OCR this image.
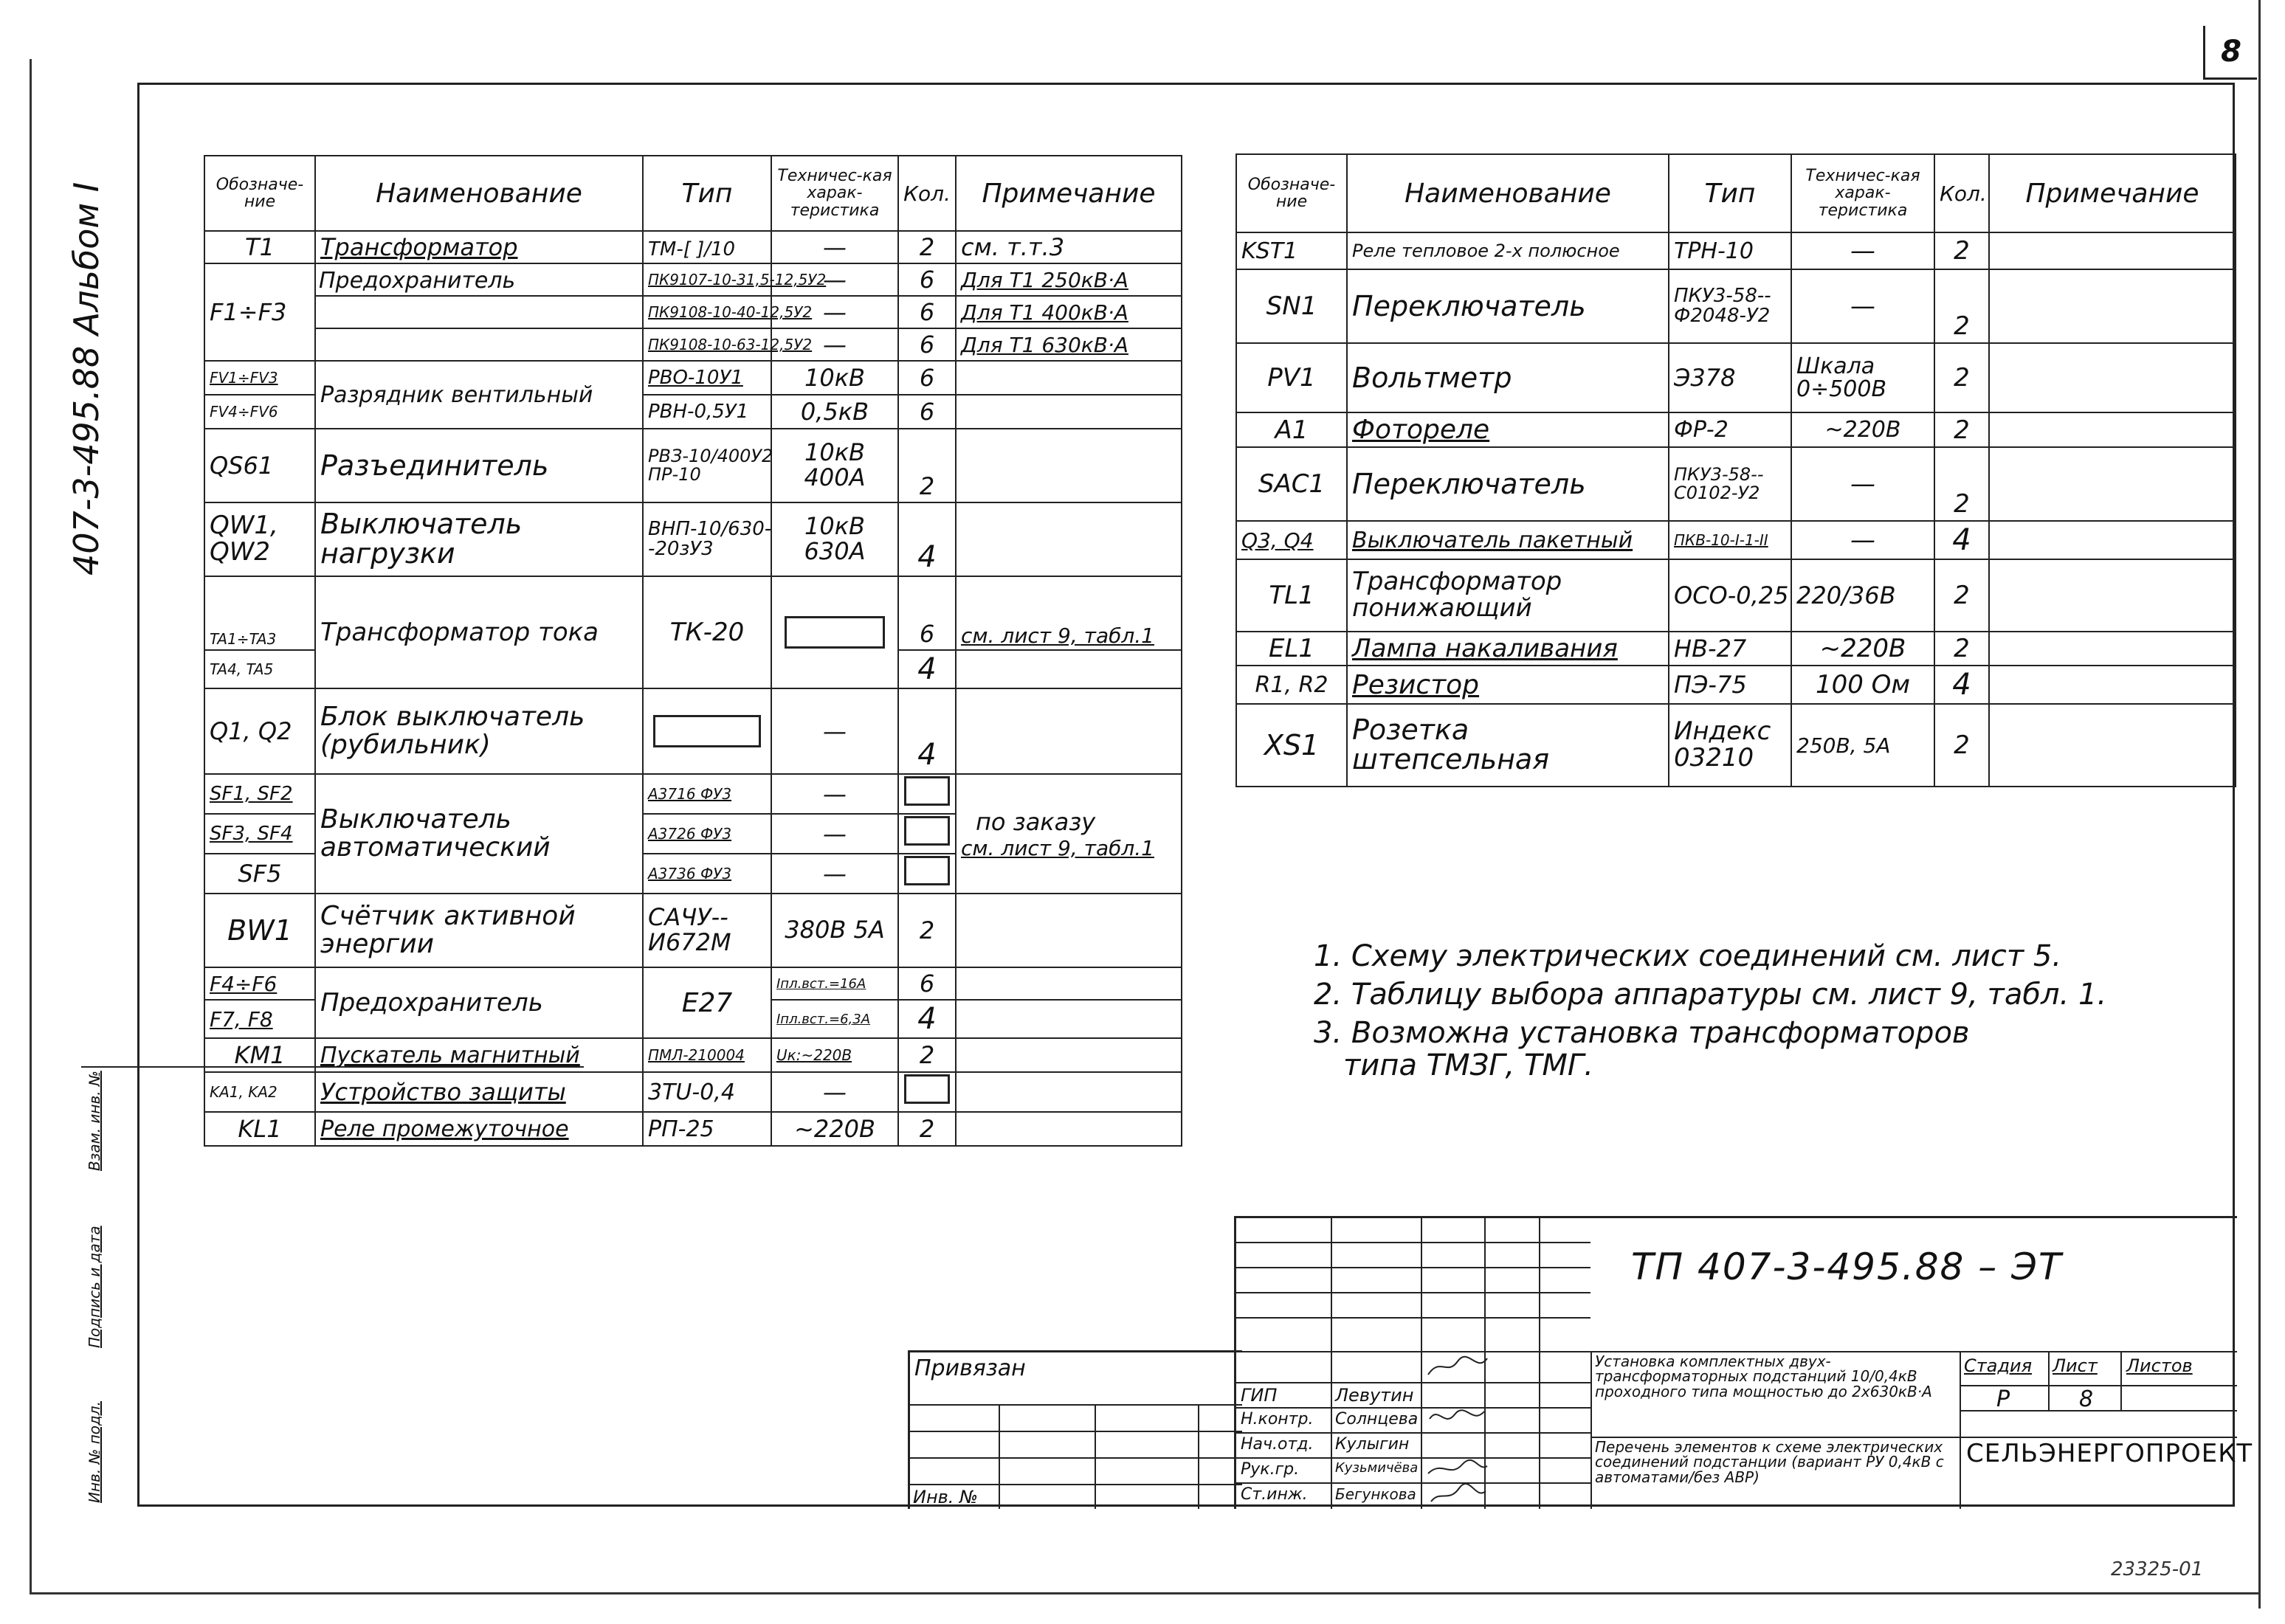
8
407-3-495.88 Альбом I
Взам. инв. №
Подпись и дата
Инв. № подл.
Обозначе-ние	Наименование	Тип	Техничес-кая харак-теристика	Кол.	Примечание
T1	Трансформатор	ТМ-[ ]/10	—	2	см. т.т.3
F1÷F3	Предохранитель	ПК9107-10-31,5-12,5У2	—	6	Для Т1 250кВ·А
		ПК9108-10-40-12,5У2	—	6	Для Т1 400кВ·А
		ПК9108-10-63-12,5У2	—	6	Для Т1 630кВ·А
FV1÷FV3	Разрядник вентильный	РВО-10У1	10кВ	6	
FV4÷FV6		РВН-0,5У1	0,5кВ	6	
QS61	Разъединитель	РВЗ-10/400У2 ПР-10	10кВ 400А	2	
QW1, QW2	Выключатель нагрузки	ВНП-10/630--20зУ3	10кВ 630А	4	
TA1÷TA3	Трансформатор тока	ТК-20		6	см. лист 9, табл.1
TA4, TA5				4	
Q1, Q2	Блок выключатель (рубильник)		—	4	
SF1, SF2	Выключатель автоматический	А3716 ФУ3	—		по заказу
см. лист 9, табл.1

SF3, SF4		А3726 ФУ3	—		
SF5		А3736 ФУ3	—		
BW1	Счётчик активной энергии	САЧУ--И672М	380В 5А	2	
F4÷F6	Предохранитель	Е27	Iпл.вст.=16А	6	
F7, F8			Iпл.вст.=6,3А	4	
KM1	Пускатель магнитный	ПМЛ-210004	Uк:~220В	2	
KA1, KA2	Устройство защиты	3TU-0,4	—		
KL1	Реле промежуточное	РП-25	~220В	2	
Обозначе-ние	Наименование	Тип	Техничес-кая харак-теристика	Кол.	Примечание
KST1	Реле тепловое 2-х полюсное	ТРН-10	—	2	
SN1	Переключатель	ПКУ3-58--Ф2048-У2	—	2	
PV1	Вольтметр	Э378	Шкала 0÷500В	2	
A1	Фотореле	ФР-2	~220В	2	
SAC1	Переключатель	ПКУ3-58--С0102-У2	—	2	
Q3, Q4	Выключатель пакетный	ПКВ-10-I-1-II	—	4	
TL1	Трансформатор понижающий	ОСО-0,25	220/36В	2	
EL1	Лампа накаливания	НВ-27	~220В	2	
R1, R2	Резистор	ПЭ-75	100 Ом	4	
XS1	Розетка штепсельная	Индекс 03210	250В, 5А	2	
1. Схему электрических соединений см. лист 5.
2. Таблицу выбора аппаратуры см. лист 9, табл. 1.
3. Возможна установка трансформаторов
типа ТМЗГ, ТМГ.
Привязан
Инв. №
ГИП
Н.контр.
Нач.отд.
Рук.гр.
Ст.инж.
Левутин
Солнцева
Кулыгин
Кузьмичёва
Бегункова
Установка комплектных двух-трансформаторных подстанций 10/0,4кВ проходного типа мощностью до 2х630кВ·А
Перечень элементов к схеме электрических соединений подстанции (вариант РУ 0,4кВ с автоматами/без АВР)
Стадия Лист Листов
Р	8
ТП 407-3-495.88 – ЭТ
СЕЛЬЭНЕРГОПРОЕКТ
23325-01
